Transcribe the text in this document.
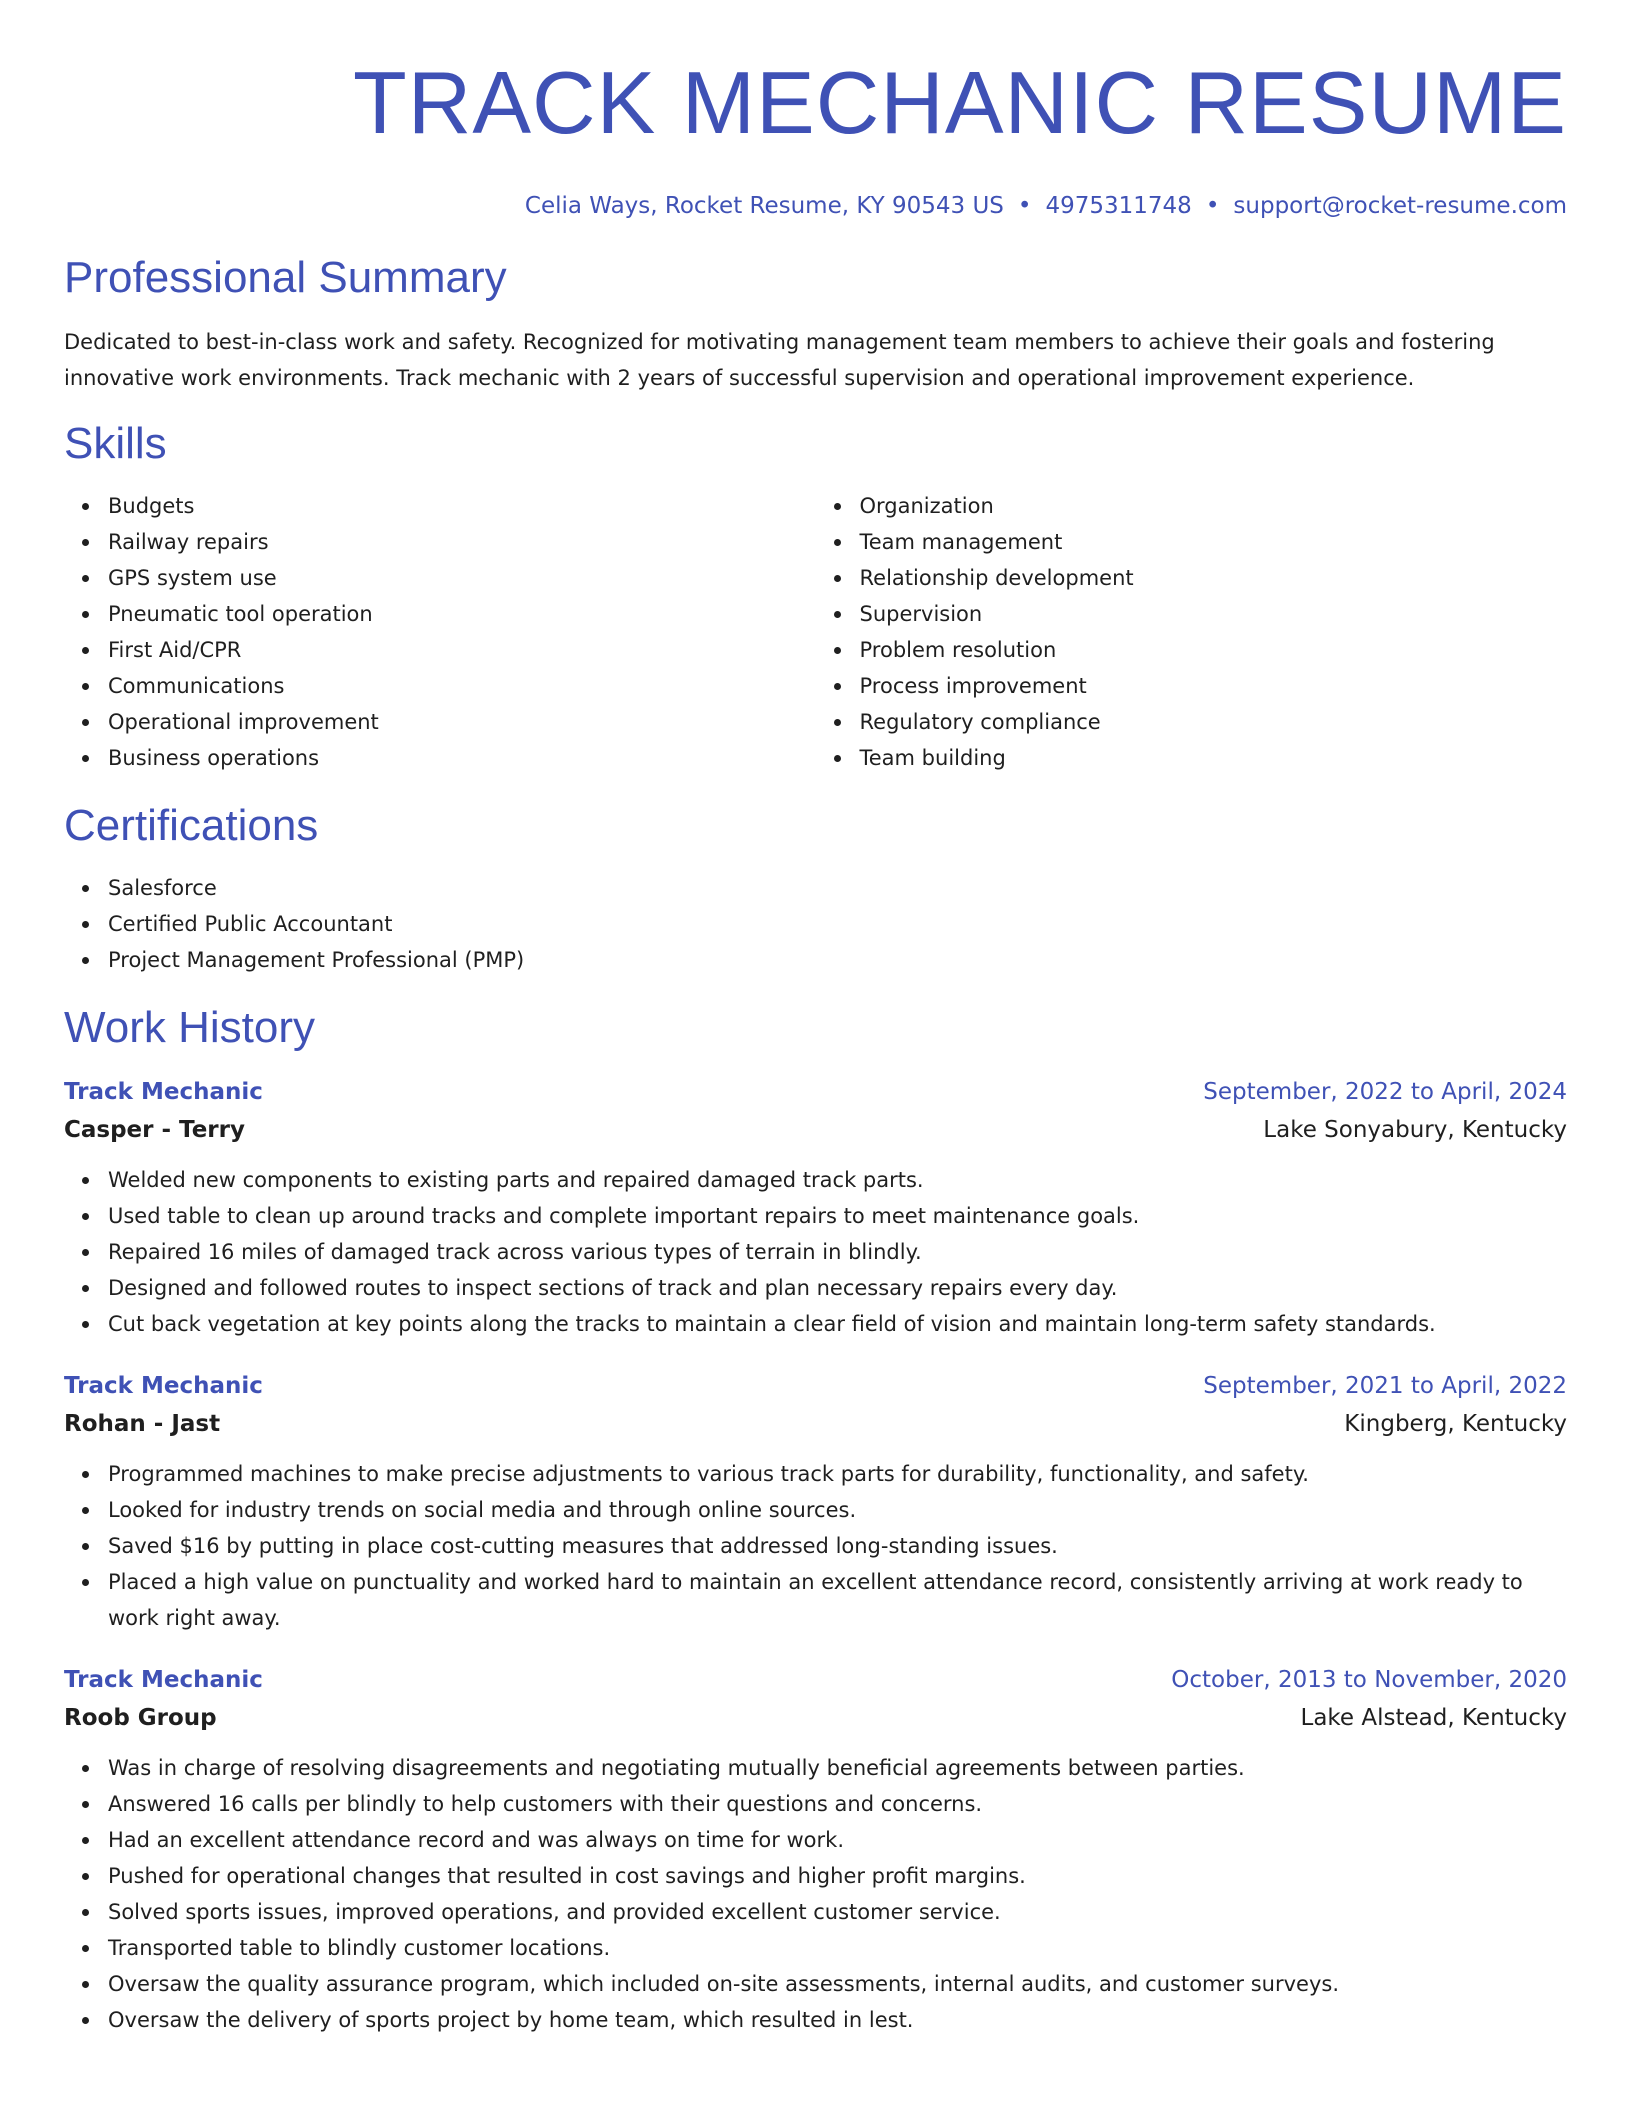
TRACK MECHANIC RESUME
Celia Ways, Rocket Resume, KY 90543 US • 4975311748 • support@rocket-resume.com
Professional Summary

Dedicated to best-in-class work and safety. Recognized for motivating management team members to achieve their goals and fostering innovative work environments. Track mechanic with 2 years of successful supervision and operational improvement experience.

Skills
Budgets
Railway repairs
GPS system use
Pneumatic tool operation
First Aid/CPR
Communications
Operational improvement
Business operations
Organization
Team management
Relationship development
Supervision
Problem resolution
Process improvement
Regulatory compliance
Team building
Certifications
Salesforce
Certified Public Accountant
Project Management Professional (PMP)
Work History
Track Mechanic	September, 2022 to April, 2024
Casper - Terry	Lake Sonyabury, Kentucky
Welded new components to existing parts and repaired damaged track parts.
Used table to clean up around tracks and complete important repairs to meet maintenance goals.
Repaired 16 miles of damaged track across various types of terrain in blindly.
Designed and followed routes to inspect sections of track and plan necessary repairs every day.
Cut back vegetation at key points along the tracks to maintain a clear field of vision and maintain long-term safety standards.
Track Mechanic	September, 2021 to April, 2022
Rohan - Jast	Kingberg, Kentucky
Programmed machines to make precise adjustments to various track parts for durability, functionality, and safety.
Looked for industry trends on social media and through online sources.
Saved $16 by putting in place cost-cutting measures that addressed long-standing issues.
Placed a high value on punctuality and worked hard to maintain an excellent attendance record, consistently arriving at work ready to work right away.
Track Mechanic	October, 2013 to November, 2020
Roob Group	Lake Alstead, Kentucky
Was in charge of resolving disagreements and negotiating mutually beneficial agreements between parties.
Answered 16 calls per blindly to help customers with their questions and concerns.
Had an excellent attendance record and was always on time for work.
Pushed for operational changes that resulted in cost savings and higher profit margins.
Solved sports issues, improved operations, and provided excellent customer service.
Transported table to blindly customer locations.
Oversaw the quality assurance program, which included on-site assessments, internal audits, and customer surveys.
Oversaw the delivery of sports project by home team, which resulted in lest.
